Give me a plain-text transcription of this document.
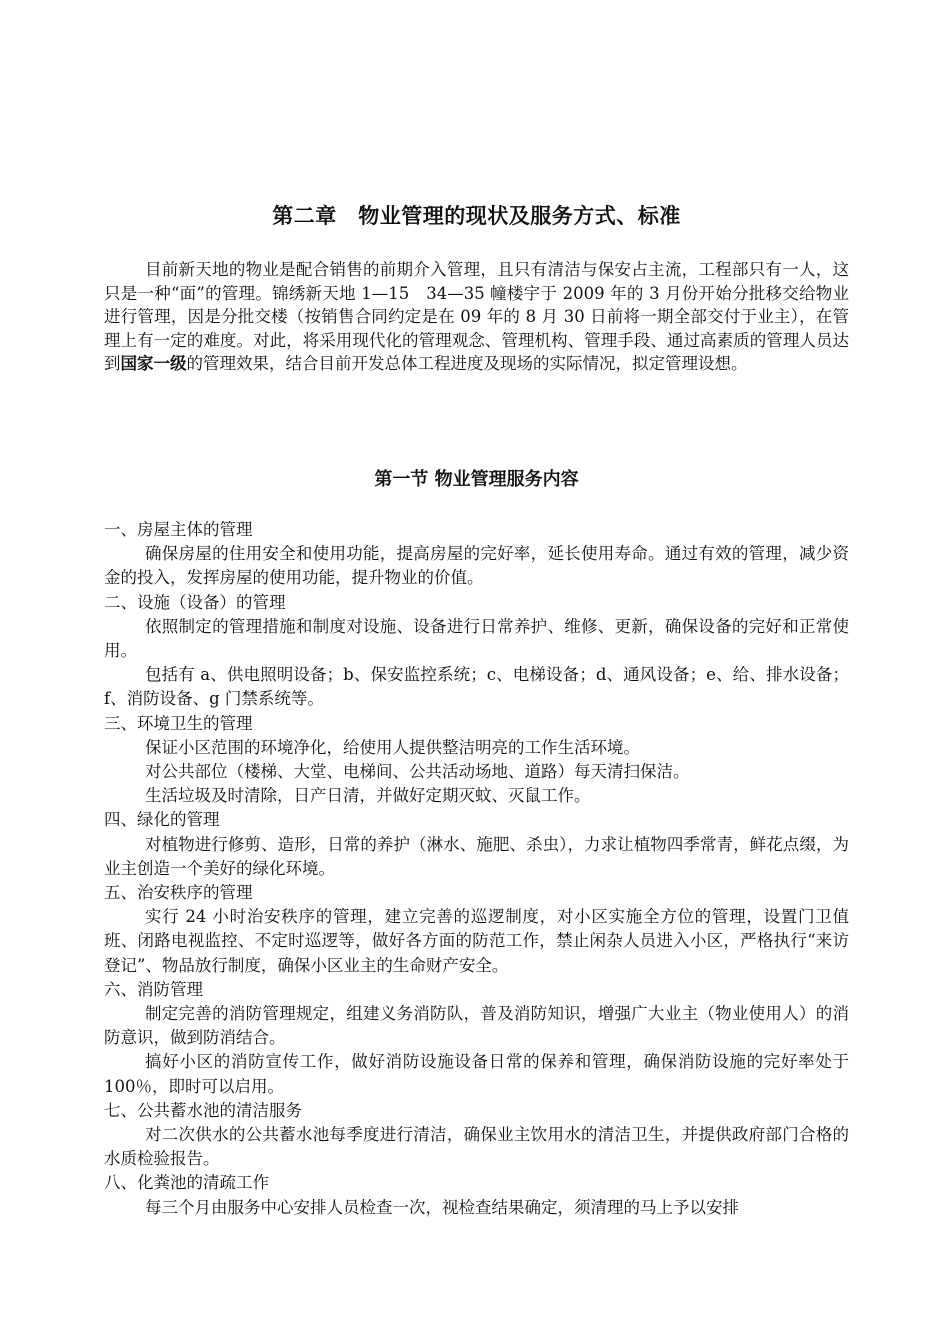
第二章　物业管理的现状及服务方式、标准

目前新天地的物业是配合销售的前期介入管理，且只有清洁与保安占主流，工程部只有一人，这只是一种“面”的管理。锦绣新天地 1—15　34—35 幢楼宇于 2009 年的 3 月份开始分批移交给物业进行管理，因是分批交楼（按销售合同约定是在 09 年的 8 月 30 日前将一期全部交付于业主），在管理上有一定的难度。对此，将采用现代化的管理观念、管理机构、管理手段、通过高素质的管理人员达到国家一级的管理效果，结合目前开发总体工程进度及现场的实际情况，拟定管理设想。

第一节 物业管理服务内容

一、房屋主体的管理

确保房屋的住用安全和使用功能，提高房屋的完好率，延长使用寿命。通过有效的管理，减少资金的投入，发挥房屋的使用功能，提升物业的价值。

二、设施（设备）的管理

依照制定的管理措施和制度对设施、设备进行日常养护、维修、更新，确保设备的完好和正常使用。

包括有 a、供电照明设备；b、保安监控系统；c、电梯设备；d、通风设备；e、给、排水设备；f、消防设备、g 门禁系统等。

三、环境卫生的管理

保证小区范围的环境净化，给使用人提供整洁明亮的工作生活环境。

对公共部位（楼梯、大堂、电梯间、公共活动场地、道路）每天清扫保洁。

生活垃圾及时清除，日产日清，并做好定期灭蚊、灭鼠工作。

四、绿化的管理

对植物进行修剪、造形，日常的养护（淋水、施肥、杀虫），力求让植物四季常青，鲜花点缀，为业主创造一个美好的绿化环境。

五、治安秩序的管理

实行 24 小时治安秩序的管理，建立完善的巡逻制度，对小区实施全方位的管理，设置门卫值班、闭路电视监控、不定时巡逻等，做好各方面的防范工作，禁止闲杂人员进入小区，严格执行“来访登记”、物品放行制度，确保小区业主的生命财产安全。

六、消防管理

制定完善的消防管理规定，组建义务消防队，普及消防知识，增强广大业主（物业使用人）的消防意识，做到防消结合。

搞好小区的消防宣传工作，做好消防设施设备日常的保养和管理，确保消防设施的完好率处于 100％，即时可以启用。

七、公共蓄水池的清洁服务

对二次供水的公共蓄水池每季度进行清洁，确保业主饮用水的清洁卫生，并提供政府部门合格的水质检验报告。

八、化粪池的清疏工作

每三个月由服务中心安排人员检查一次，视检查结果确定，须清理的马上予以安排
